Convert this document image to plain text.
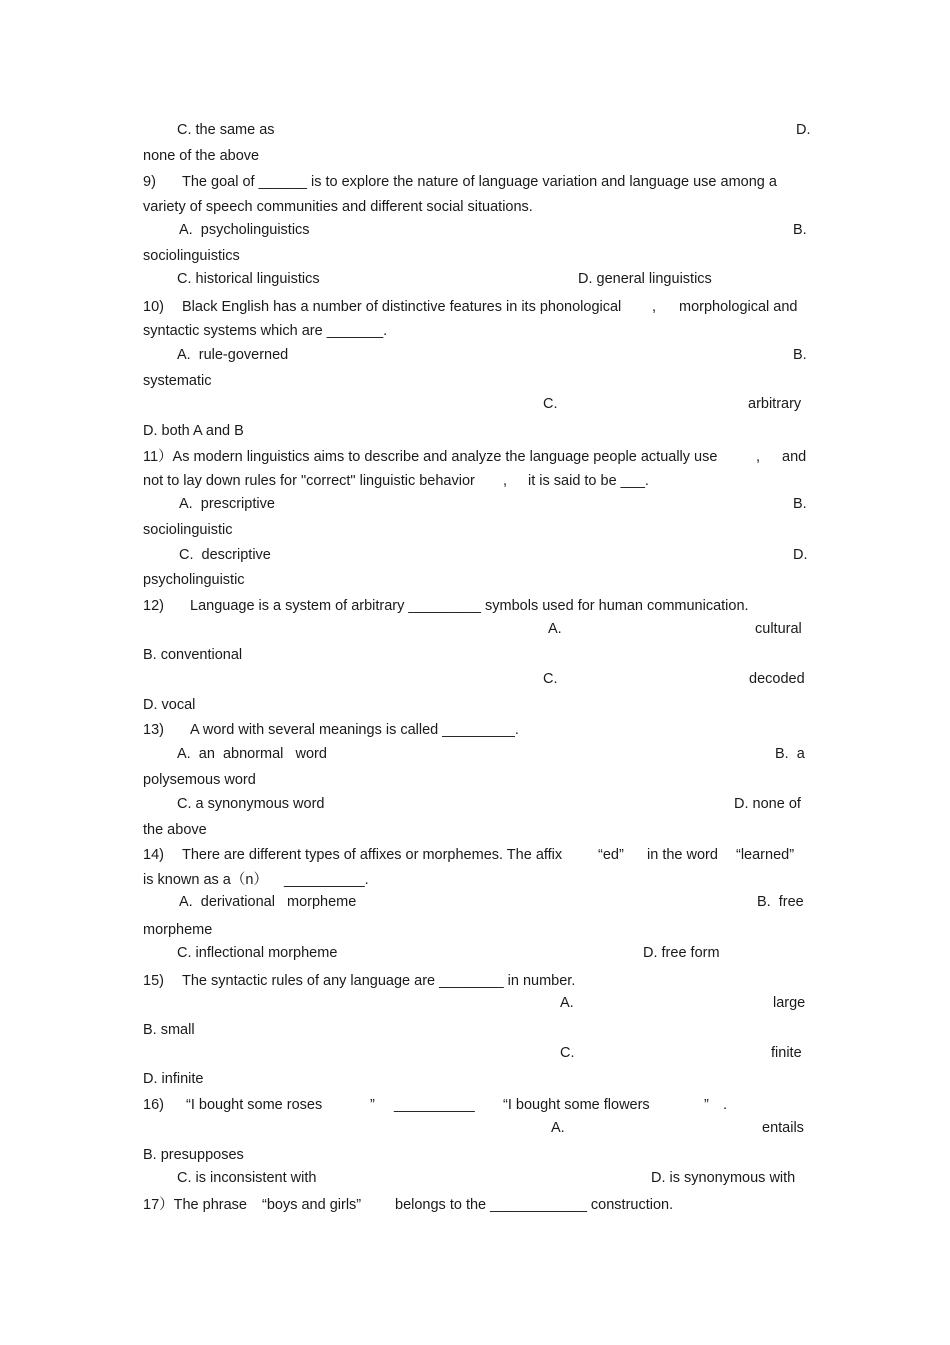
C. the same as	D.
none of the above
9) The goal of ______ is to explore the nature of language variation and language use among a
variety of speech communities and different social situations.
A.  psycholinguistics	B.
sociolinguistics
C. historical linguistics	D. general linguistics
10) Black English has a number of distinctive features in its phonological , morphological and
syntactic systems which are _______.
A.  rule-governed	B.
systematic
C.	arbitrary
D. both A and B
11）As modern linguistics aims to describe and analyze the language people actually use	, and
not to lay down rules for "correct" linguistic behavior , it is said to be ___.
A.  prescriptive	B.
sociolinguistic
C.  descriptive	D.
psycholinguistic
12) Language is a system of arbitrary _________ symbols used for human communication.
A.	cultural
B. conventional
C.	decoded
D. vocal
13) A word with several meanings is called _________.
A.  an  abnormal   word	B.  a
polysemous word
C. a synonymous word	D. none of
the above
14) There are different types of affixes or morphemes. The affix “ed” in the word “learned”
is known as a（n） __________.
A.  derivational   morpheme	B.  free
morpheme
C. inflectional morpheme	D. free form
15) The syntactic rules of any language are ________ in number.
A.	large
B. small
C.	finite
D. infinite
16) “I bought some roses	” __________ “I bought some flowers	” .
A.	entails
B. presupposes
C. is inconsistent with	D. is synonymous with
17）The phrase “boys and girls” belongs to the ____________ construction.
